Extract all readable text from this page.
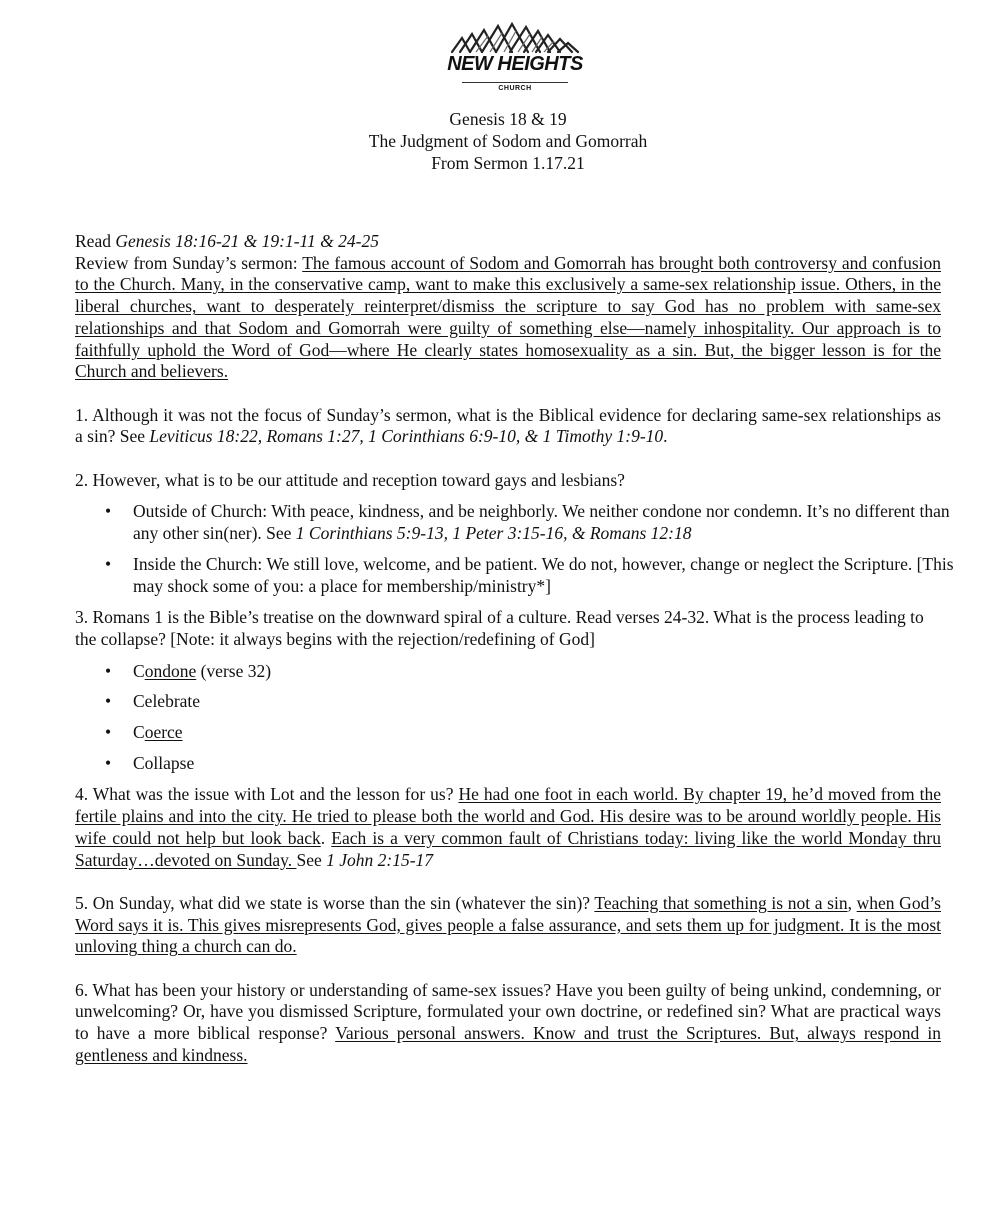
NEW HEIGHTS
CHURCH
Genesis 18 & 19
The Judgment of Sodom and Gomorrah
From Sermon 1.17.21

Read Genesis 18:16-21 & 19:1-11 & 24-25

Review from Sunday’s sermon: The famous account of Sodom and Gomorrah has brought both controversy and confusion to the Church. Many, in the conservative camp, want to make this exclusively a same-sex relationship issue. Others, in the liberal churches, want to desperately reinterpret/dismiss the scripture to say God has no problem with same-sex relationships and that Sodom and Gomorrah were guilty of something else—namely inhospitality. Our approach is to faithfully uphold the Word of God—where He clearly states homosexuality as a sin. But, the bigger lesson is for the Church and believers.

1. Although it was not the focus of Sunday’s sermon, what is the Biblical evidence for declaring same-sex relationships as a sin? See Leviticus 18:22, Romans 1:27, 1 Corinthians 6:9-10, & 1 Timothy 1:9-10.

2. However, what is to be our attitude and reception toward gays and lesbians?

• Outside of Church: With peace, kindness, and be neighborly. We neither condone nor condemn. It’s no different than any other sin(ner). See 1 Corinthians 5:9-13, 1 Peter 3:15-16, & Romans 12:18
• Inside the Church: We still love, welcome, and be patient. We do not, however, change or neglect the Scripture. [This may shock some of you: a place for membership/ministry*]

3. Romans 1 is the Bible’s treatise on the downward spiral of a culture. Read verses 24-32. What is the process leading to the collapse? [Note: it always begins with the rejection/redefining of God]

• Condone (verse 32)
• Celebrate
• Coerce
• Collapse

4. What was the issue with Lot and the lesson for us? He had one foot in each world. By chapter 19, he’d moved from the fertile plains and into the city. He tried to please both the world and God. His desire was to be around worldly people. His wife could not help but look back. Each is a very common fault of Christians today: living like the world Monday thru Saturday…devoted on Sunday. See 1 John 2:15-17

5. On Sunday, what did we state is worse than the sin (whatever the sin)? Teaching that something is not a sin, when God’s Word says it is. This gives misrepresents God, gives people a false assurance, and sets them up for judgment. It is the most unloving thing a church can do.

6. What has been your history or understanding of same-sex issues? Have you been guilty of being unkind, condemning, or unwelcoming? Or, have you dismissed Scripture, formulated your own doctrine, or redefined sin? What are practical ways to have a more biblical response? Various personal answers. Know and trust the Scriptures. But, always respond in gentleness and kindness.
